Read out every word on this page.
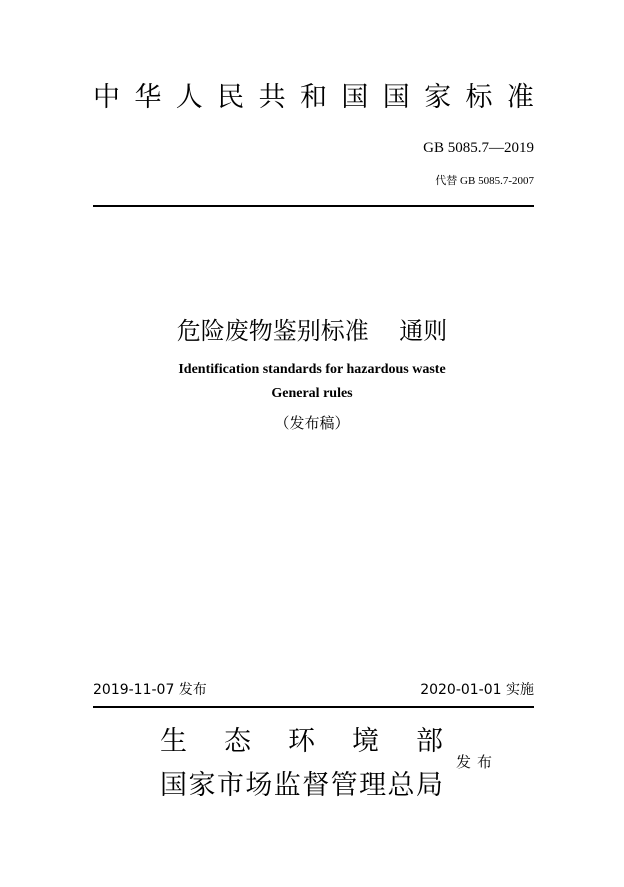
中 华 人 民 共 和 国 国 家 标 准
GB 5085.7—2019
代替 GB 5085.7-2007
危险废物鉴别标准    通则
Identification standards for hazardous waste
General rules
（发布稿）
2019-11-07 发布	2020-01-01 实施
生 态 环 境 部
国 家 市 场 监 督 管 理 总 局
发布
